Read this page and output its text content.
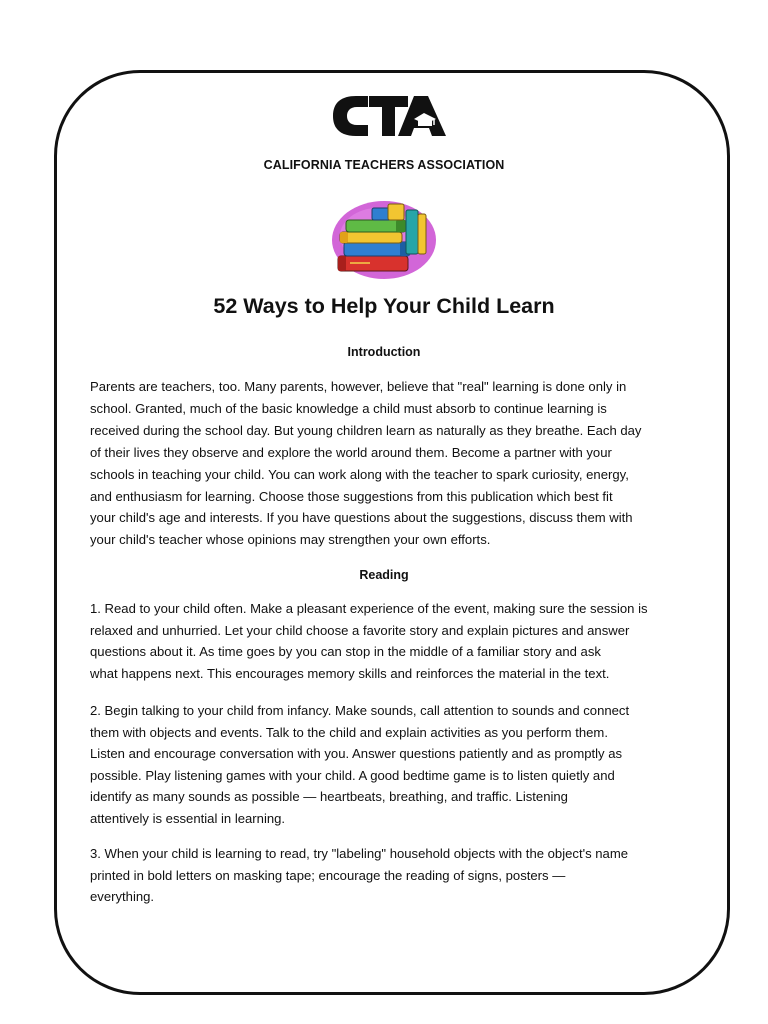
CALIFORNIA TEACHERS ASSOCIATION
52 Ways to Help Your Child Learn
Introduction

Parents are teachers, too. Many parents, however, believe that "real" learning is done only in
school. Granted, much of the basic knowledge a child must absorb to continue learning is
received during the school day. But young children learn as naturally as they breathe. Each day
of their lives they observe and explore the world around them. Become a partner with your
schools in teaching your child. You can work along with the teacher to spark curiosity, energy,
and enthusiasm for learning. Choose those suggestions from this publication which best fit
your child's age and interests. If you have questions about the suggestions, discuss them with
your child's teacher whose opinions may strengthen your own efforts.

Reading

1. Read to your child often. Make a pleasant experience of the event, making sure the session is
relaxed and unhurried. Let your child choose a favorite story and explain pictures and answer
questions about it. As time goes by you can stop in the middle of a familiar story and ask
what happens next. This encourages memory skills and reinforces the material in the text.

2. Begin talking to your child from infancy. Make sounds, call attention to sounds and connect
them with objects and events. Talk to the child and explain activities as you perform them.
Listen and encourage conversation with you. Answer questions patiently and as promptly as
possible. Play listening games with your child. A good bedtime game is to listen quietly and
identify as many sounds as possible — heartbeats, breathing, and traffic. Listening
attentively is essential in learning.

3. When your child is learning to read, try "labeling" household objects with the object's name
printed in bold letters on masking tape; encourage the reading of signs, posters —
everything.
